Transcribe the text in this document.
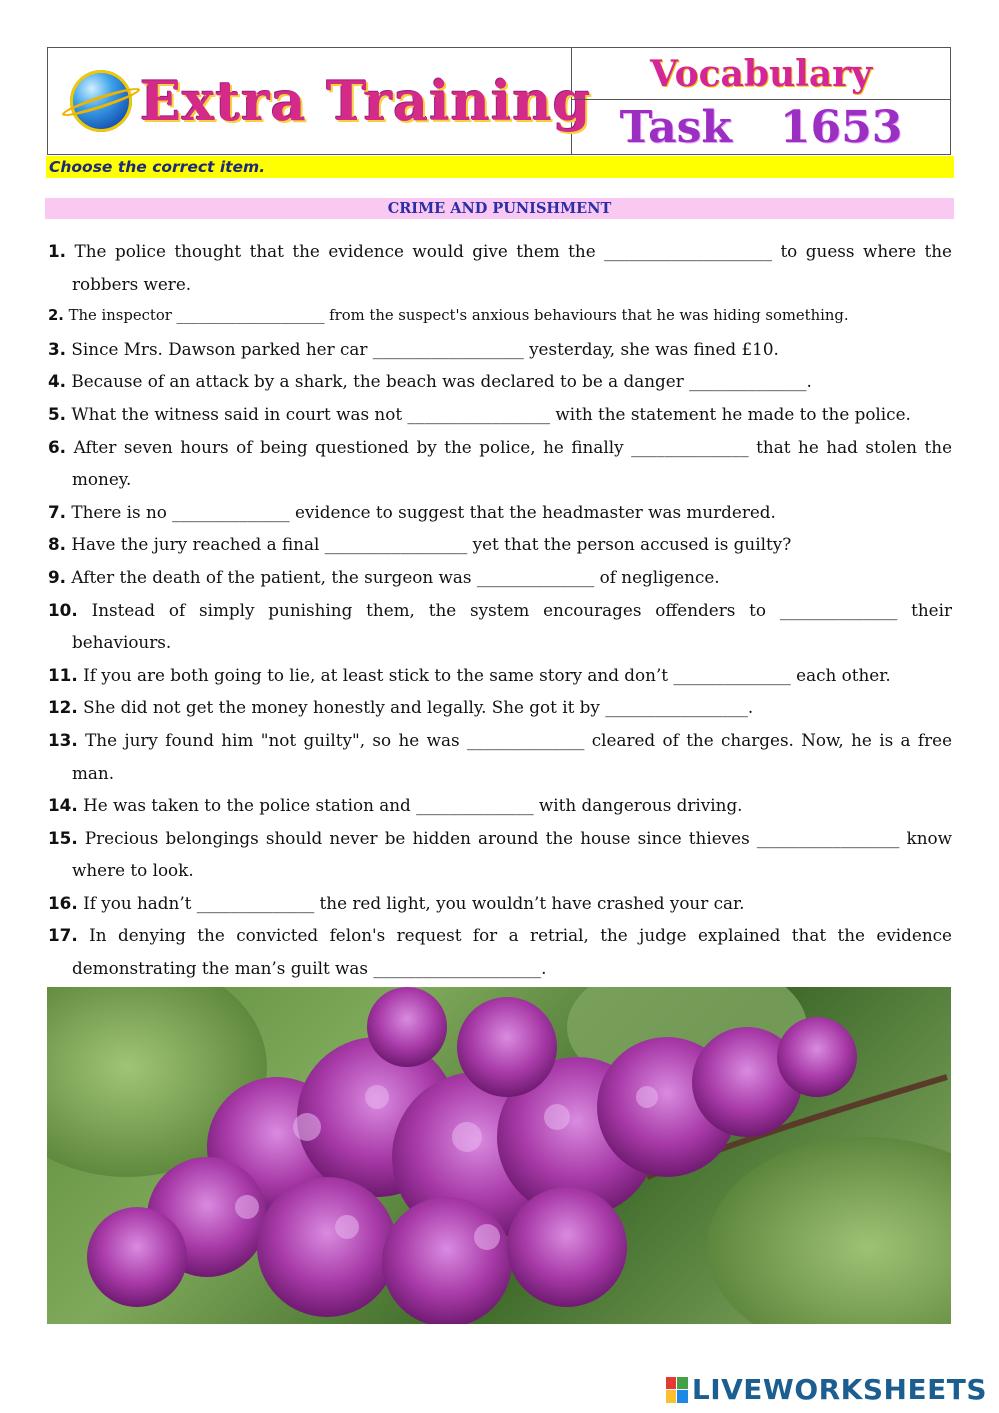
Extra Training	Vocabulary
Task 1653
Choose the correct item.
CRIME AND PUNISHMENT

1. The police thought that the evidence would give them the ____________________ to guess where the robbers were.

2. The inspector ____________________ from the suspect's anxious behaviours that he was hiding something.

3. Since Mrs. Dawson parked her car __________________ yesterday, she was fined £10.

4. Because of an attack by a shark, the beach was declared to be a danger ______________.

5. What the witness said in court was not _________________ with the statement he made to the police.

6. After seven hours of being questioned by the police, he finally ______________ that he had stolen the money.

7. There is no ______________ evidence to suggest that the headmaster was murdered.

8. Have the jury reached a final _________________ yet that the person accused is guilty?

9. After the death of the patient, the surgeon was ______________ of negligence.

10. Instead of simply punishing them, the system encourages offenders to ______________ their behaviours.

11. If you are both going to lie, at least stick to the same story and don’t ______________ each other.

12. She did not get the money honestly and legally. She got it by _________________.

13. The jury found him "not guilty", so he was ______________ cleared of the charges. Now, he is a free man.

14. He was taken to the police station and ______________ with dangerous driving.

15. Precious belongings should never be hidden around the house since thieves _________________ know where to look.

16. If you hadn’t ______________ the red light, you wouldn’t have crashed your car.

17. In denying the convicted felon's request for a retrial, the judge explained that the evidence demonstrating the man’s guilt was ____________________.

LIVEWORKSHEETS
